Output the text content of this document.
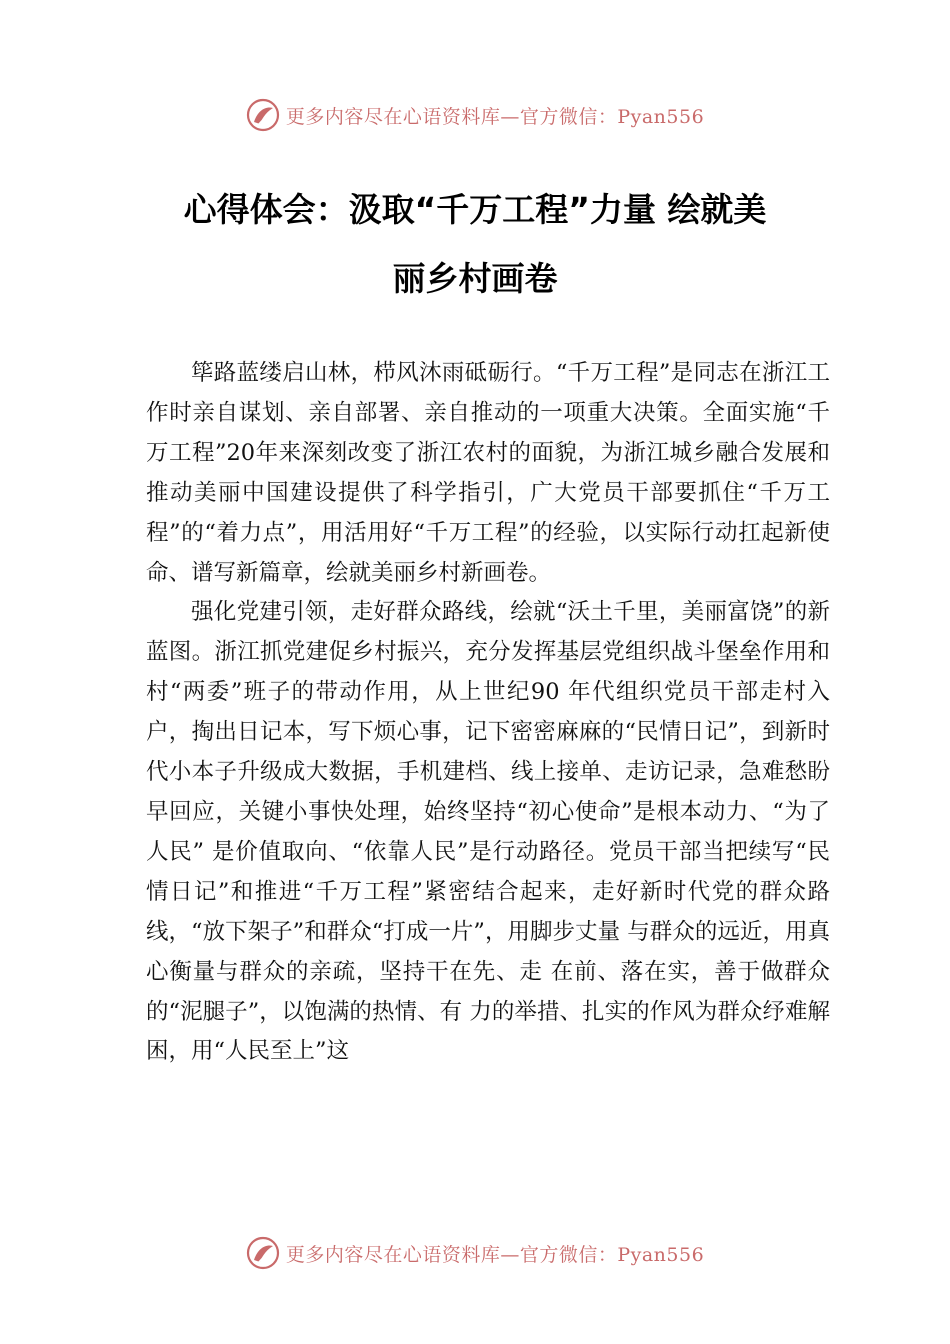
更多内容尽在心语资料库—官方微信：Pyan556
心得体会：汲取“千万工程”力量 绘就美
丽乡村画卷

筚路蓝缕启山林，栉风沐雨砥砺行。“千万工程”是同志在浙江工作时亲自谋划、亲自部署、亲自推动的一项重大决策。全面实施“千万工程”20年来深刻改变了浙江农村的面貌，为浙江城乡融合发展和推动美丽中国建设提供了科学指引，广大党员干部要抓住“千万工程”的“着力点”，用活用好“千万工程”的经验，以实际行动扛起新使命、谱写新篇章，绘就美丽乡村新画卷。

强化党建引领，走好群众路线，绘就“沃土千里，美丽富饶”的新蓝图。浙江抓党建促乡村振兴，充分发挥基层党组织战斗堡垒作用和村“两委”班子的带动作用，从上世纪90 年代组织党员干部走村入户，掏出日记本，写下烦心事，记下密密麻麻的“民情日记”，到新时代小本子升级成大数据，手机建档、线上接单、走访记录，急难愁盼早回应，关键小事快处理，始终坚持“初心使命”是根本动力、“为了人民” 是价值取向、“依靠人民”是行动路径。党员干部当把续写“民 情日记”和推进“千万工程”紧密结合起来，走好新时代党的群众路线，“放下架子”和群众“打成一片”，用脚步丈量 与群众的远近，用真心衡量与群众的亲疏，坚持干在先、走 在前、落在实，善于做群众的“泥腿子”，以饱满的热情、有 力的举措、扎实的作风为群众纾难解困，用“人民至上”这

更多内容尽在心语资料库—官方微信：Pyan556
